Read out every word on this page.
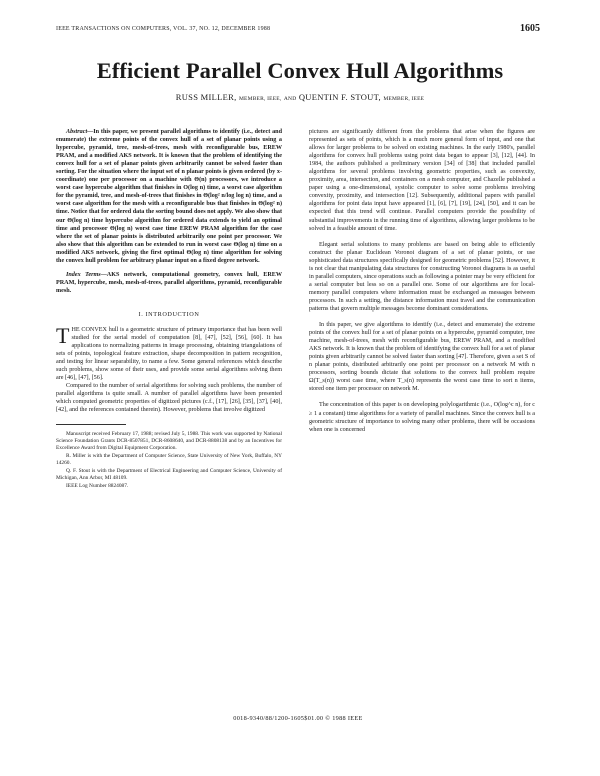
IEEE TRANSACTIONS ON COMPUTERS, VOL. 37, NO. 12, DECEMBER 1988	1605
Efficient Parallel Convex Hull Algorithms
RUSS MILLER, MEMBER, IEEE, AND QUENTIN F. STOUT, MEMBER, IEEE

Abstract—In this paper, we present parallel algorithms to identify (i.e., detect and enumerate) the extreme points of the convex hull of a set of planar points using a hypercube, pyramid, tree, mesh-of-trees, mesh with reconfigurable bus, EREW PRAM, and a modified AKS network. It is known that the problem of identifying the convex hull for a set of planar points given arbitrarily cannot be solved faster than sorting. For the situation where the input set of n planar points is given ordered (by x-coordinate) one per processor on a machine with Θ(n) processors, we introduce a worst case hypercube algorithm that finishes in O(log n) time, a worst case algorithm for the pyramid, tree, and mesh-of-trees that finishes in Θ(log² n/log log n) time, and a worst case algorithm for the mesh with a reconfigurable bus that finishes in Θ(log² n) time. Notice that for ordered data the sorting bound does not apply. We also show that our Θ(log n) time hypercube algorithm for ordered data extends to yield an optimal time and processor Θ(log n) worst case time EREW PRAM algorithm for the case where the set of planar points is distributed arbitrarily one point per processor. We also show that this algorithm can be extended to run in worst case Θ(log n) time on a modified AKS network, giving the first optimal Θ(log n) time algorithm for solving the convex hull problem for arbitrary planar input on a fixed degree network.

Index Terms—AKS network, computational geometry, convex hull, EREW PRAM, hypercube, mesh, mesh-of-trees, parallel algorithms, pyramid, reconfigurable mesh.

I. INTRODUCTION

THE CONVEX hull is a geometric structure of primary importance that has been well studied for the serial model of computation [8], [47], [52], [56], [60]. It has applications to normalizing patterns in image processing, obtaining triangulations of sets of points, topological feature extraction, shape decomposition in pattern recognition, and testing for linear separability, to name a few. Some general references which describe such problems, show some of their uses, and provide some serial algorithms solving them are [46], [47], [56].

Compared to the number of serial algorithms for solving such problems, the number of parallel algorithms is quite small. A number of parallel algorithms have been presented which computed geometric properties of digitized pictures (c.f., [17], [26], [35], [37], [40], [42], and the references contained therein). However, problems that involve digitized

Manuscript received February 17, 1988; revised July 5, 1988. This work was supported by National Science Foundation Grants DCR-8507851, DCR-8608640, and DCR-8808138 and by an Incentives for Excellence Award from Digital Equipment Corporation.

R. Miller is with the Department of Computer Science, State University of New York, Buffalo, NY 14260.

Q. F. Stout is with the Department of Electrical Engineering and Computer Science, University of Michigan, Ann Arbor, MI 48109.

IEEE Log Number 8824087.

pictures are significantly different from the problems that arise when the figures are represented as sets of points, which is a much more general form of input, and one that allows for larger problems to be solved on existing machines. In the early 1980's, parallel algorithms for convex hull problems using point data began to appear [3], [12], [44]. In 1984, the authors published a preliminary version [34] of [38] that included parallel algorithms for several problems involving geometric properties, such as convexity, proximity, area, intersection, and containers on a mesh computer, and Chazelle published a paper using a one-dimensional, systolic computer to solve some problems involving convexity, proximity, and intersection [12]. Subsequently, additional papers with parallel algorithms for point data input have appeared [1], [6], [7], [19], [24], [50], and it can be expected that this trend will continue. Parallel computers provide the possibility of substantial improvements in the running time of algorithms, allowing larger problems to be solved in a feasible amount of time.

Elegant serial solutions to many problems are based on being able to efficiently construct the planar Euclidean Voronoi diagram of a set of planar points, or use sophisticated data structures specifically designed for geometric problems [52]. However, it is not clear that manipulating data structures for constructing Voronoi diagrams is as useful in parallel computers, since operations such as following a pointer may be very efficient for a serial computer but less so on a parallel one. Some of our algorithms are for local-memory parallel computers where information must be exchanged as messages between processors. In such a setting, the distance information must travel and the communication patterns that govern multiple messages become dominant considerations.

In this paper, we give algorithms to identify (i.e., detect and enumerate) the extreme points of the convex hull for a set of planar points on a hypercube, pyramid computer, tree machine, mesh-of-trees, mesh with reconfigurable bus, EREW PRAM, and a modified AKS network. It is known that the problem of identifying the convex hull for a set of planar points given arbitrarily cannot be solved faster than sorting [47]. Therefore, given a set S of n planar points, distributed arbitrarily one point per processor on a network M with n processors, sorting bounds dictate that solutions to the convex hull problem require Ω(T_s(n)) worst case time, where T_s(n) represents the worst case time to sort n items, stored one item per processor on network M.

The concentration of this paper is on developing polylogarithmic (i.e., O(log^c n), for c ≥ 1 a constant) time algorithms for a variety of parallel machines. Since the convex hull is a geometric structure of importance to solving many other problems, there will be occasions when one is concerned

0018-9340/88/1200-1605$01.00 © 1988 IEEE
